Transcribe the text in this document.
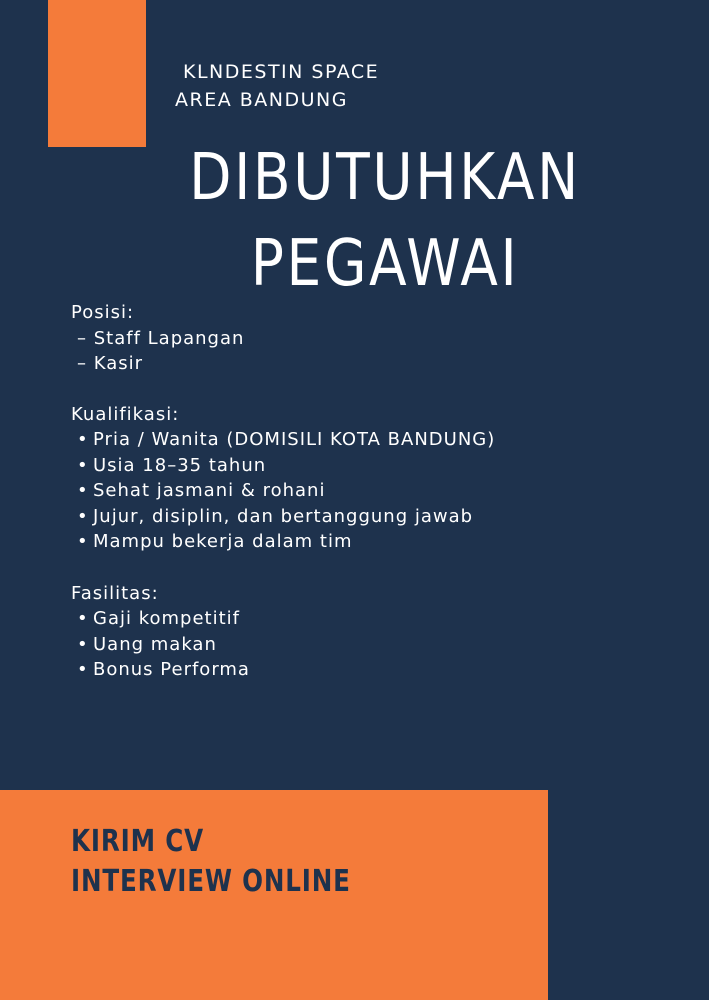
KLNDESTIN SPACE
AREA BANDUNG
DIBUTUHKAN
PEGAWAI
Posisi:
– Staff Lapangan
– Kasir
Kualifikasi:
• Pria / Wanita (DOMISILI KOTA BANDUNG)
• Usia 18–35 tahun
• Sehat jasmani & rohani
• Jujur, disiplin, dan bertanggung jawab
• Mampu bekerja dalam tim
Fasilitas:
• Gaji kompetitif
• Uang makan
• Bonus Performa
KIRIM CV
INTERVIEW ONLINE
